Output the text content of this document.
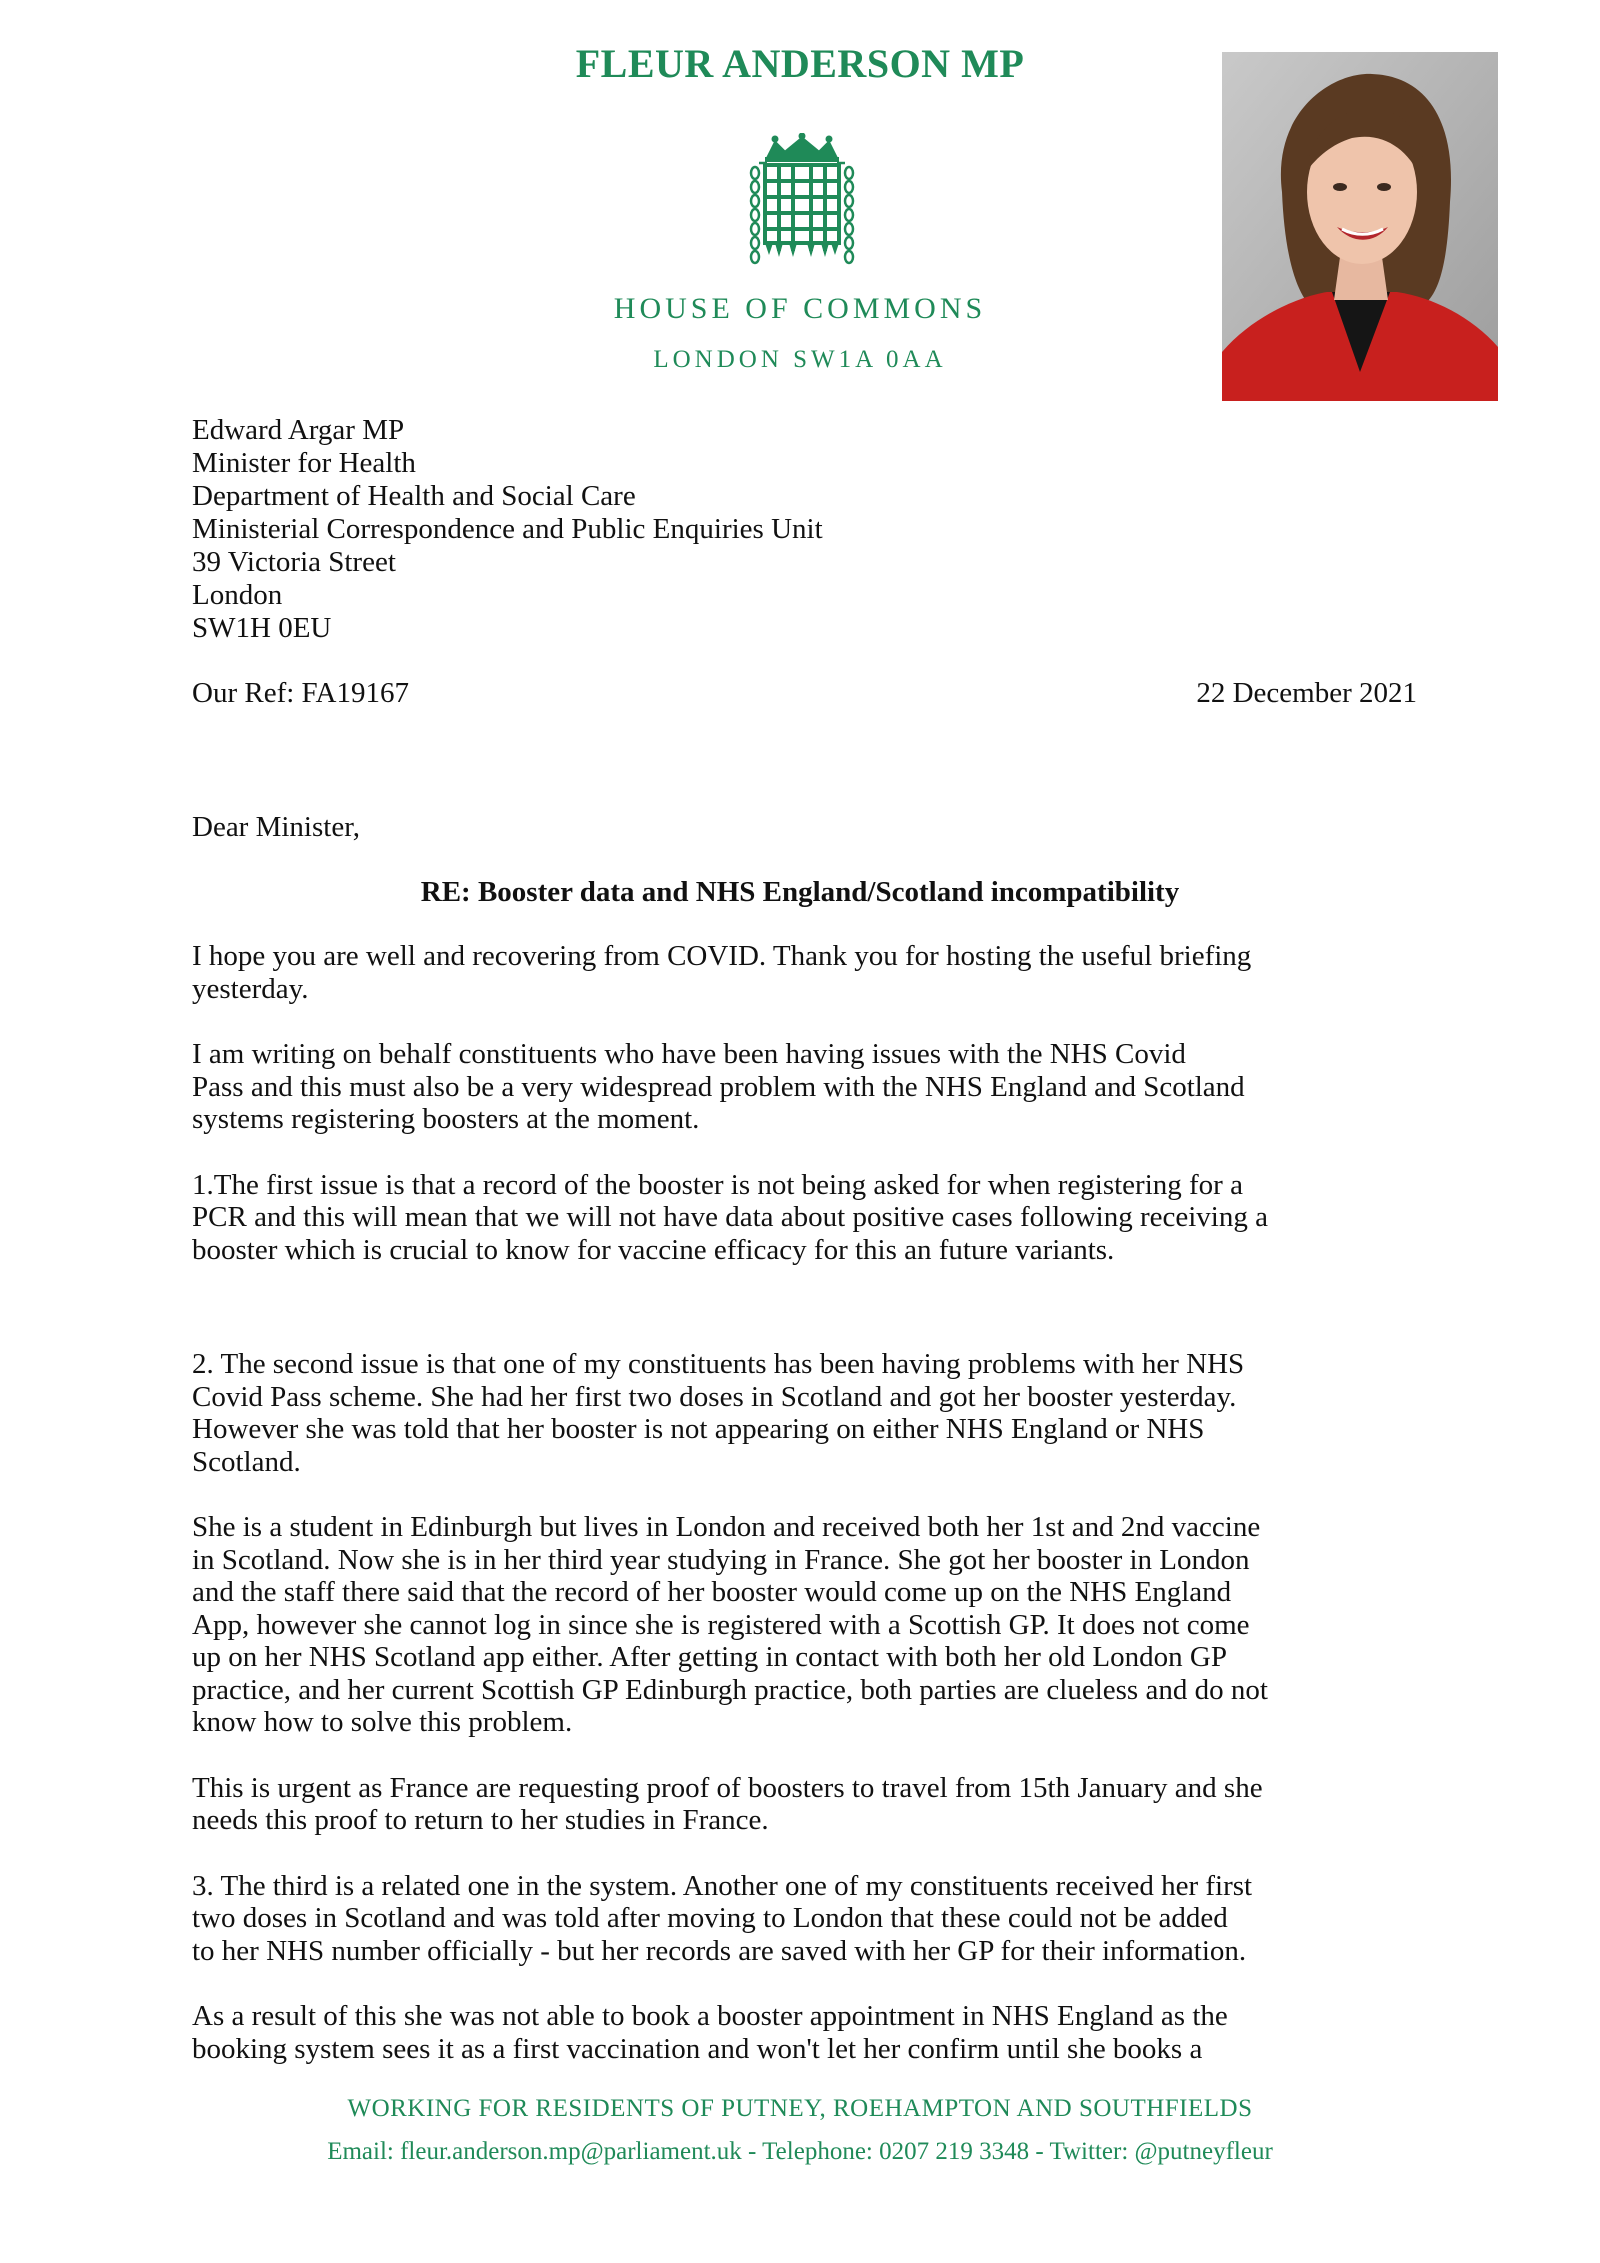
FLEUR ANDERSON MP
HOUSE OF COMMONS
LONDON SW1A 0AA
Edward Argar MP
Minister for Health
Department of Health and Social Care
Ministerial Correspondence and Public Enquiries Unit
39 Victoria Street
London
SW1H 0EU
Our Ref: FA19167	22 December 2021
Dear Minister,
RE: Booster data and NHS England/Scotland incompatibility

I hope you are well and recovering from COVID. Thank you for hosting the useful briefing
yesterday.

I am writing on behalf constituents who have been having issues with the NHS Covid
Pass and this must also be a very widespread problem with the NHS England and Scotland
systems registering boosters at the moment.

1.The first issue is that a record of the booster is not being asked for when registering for a
PCR and this will mean that we will not have data about positive cases following receiving a
booster which is crucial to know for vaccine efficacy for this an future variants.

2. The second issue is that one of my constituents has been having problems with her NHS
Covid Pass scheme. She had her first two doses in Scotland and got her booster yesterday.
However she was told that her booster is not appearing on either NHS England or NHS
Scotland.

She is a student in Edinburgh but lives in London and received both her 1st and 2nd vaccine
in Scotland. Now she is in her third year studying in France. She got her booster in London
and the staff there said that the record of her booster would come up on the NHS England
App, however she cannot log in since she is registered with a Scottish GP. It does not come
up on her NHS Scotland app either. After getting in contact with both her old London GP
practice, and her current Scottish GP Edinburgh practice, both parties are clueless and do not
know how to solve this problem.

This is urgent as France are requesting proof of boosters to travel from 15th January and she
needs this proof to return to her studies in France.

3. The third is a related one in the system. Another one of my constituents received her first
two doses in Scotland and was told after moving to London that these could not be added
to her NHS number officially - but her records are saved with her GP for their information.

As a result of this she was not able to book a booster appointment in NHS England as the
booking system sees it as a first vaccination and won't let her confirm until she books a

WORKING FOR RESIDENTS OF PUTNEY, ROEHAMPTON AND SOUTHFIELDS
Email: fleur.anderson.mp@parliament.uk - Telephone: 0207 219 3348 - Twitter: @putneyfleur
